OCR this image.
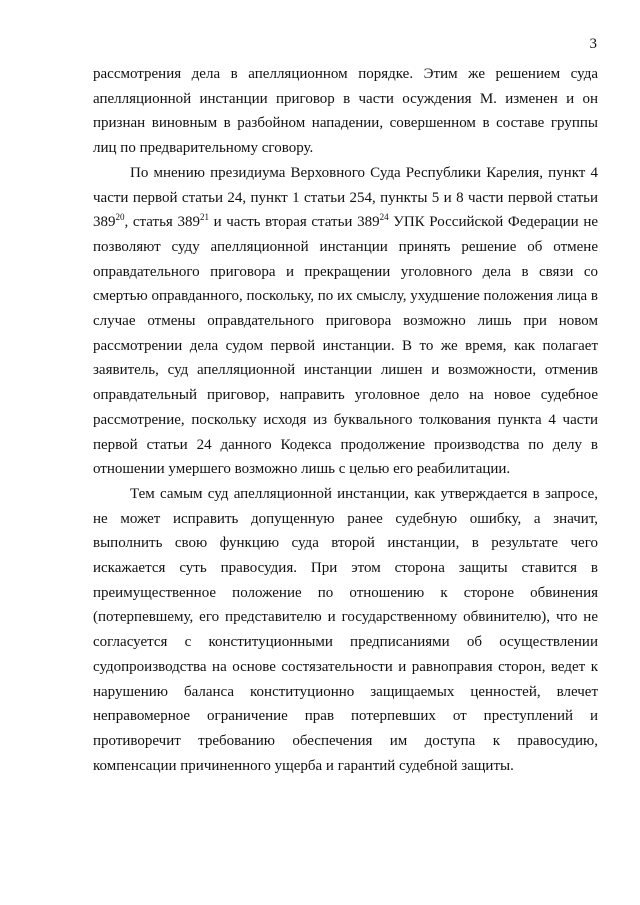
3

рассмотрения дела в апелляционном порядке. Этим же решением суда апелляционной инстанции приговор в части осуждения М. изменен и он признан виновным в разбойном нападении, совершенном в составе группы лиц по предварительному сговору.

По мнению президиума Верховного Суда Республики Карелия, пункт 4 части первой статьи 24, пункт 1 статьи 254, пункты 5 и 8 части первой статьи $389^{20}$, статья $389^{21}$ и часть вторая статьи $389^{24}$ УПК Российской Федерации не позволяют суду апелляционной инстанции принять решение об отмене оправдательного приговора и прекращении уголовного дела в связи со смертью оправданного, поскольку, по их смыслу, ухудшение положения лица в случае отмены оправдательного приговора возможно лишь при новом рассмотрении дела судом первой инстанции. В то же время, как полагает заявитель, суд апелляционной инстанции лишен и возможности, отменив оправдательный приговор, направить уголовное дело на новое судебное рассмотрение, поскольку исходя из буквального толкования пункта 4 части первой статьи 24 данного Кодекса продолжение производства по делу в отношении умершего возможно лишь с целью его реабилитации.

Тем самым суд апелляционной инстанции, как утверждается в запросе, не может исправить допущенную ранее судебную ошибку, а значит, выполнить свою функцию суда второй инстанции, в результате чего искажается суть правосудия. При этом сторона защиты ставится в преимущественное положение по отношению к стороне обвинения (потерпевшему, его представителю и государственному обвинителю), что не согласуется с конституционными предписаниями об осуществлении судопроизводства на основе состязательности и равноправия сторон, ведет к нарушению баланса конституционно защищаемых ценностей, влечет неправомерное ограничение прав потерпевших от преступлений и противоречит требованию обеспечения им доступа к правосудию, компенсации причиненного ущерба и гарантий судебной защиты.
